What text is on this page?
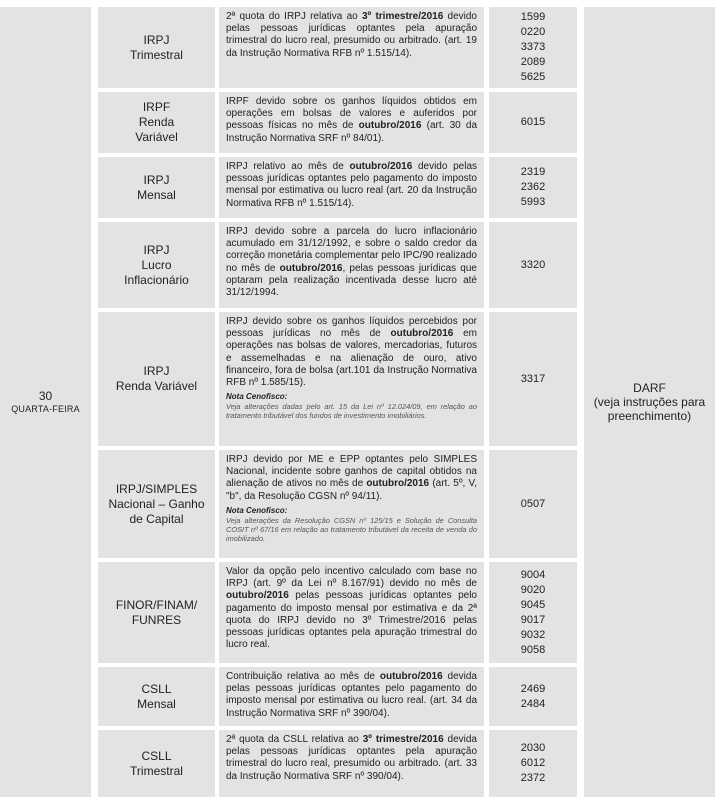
30
QUARTA-FEIRA
DARF
(veja instruções para preenchimento)
IRPJ
Trimestral
2ª quota do IRPJ relativa ao 3º trimestre/2016 devido pelas pessoas jurídicas optantes pela apuração trimestral do lucro real, presumido ou arbitrado. (art. 19 da Instrução Normativa RFB nº 1.515/14).
1599
0220
3373
2089
5625
IRPF
Renda
Variável
IRPF devido sobre os ganhos líquidos obtidos em operações em bolsas de valores e auferidos por pessoas físicas no mês de outubro/2016 (art. 30 da Instrução Normativa SRF nº 84/01).
6015
IRPJ
Mensal
IRPJ relativo ao mês de outubro/2016 devido pelas pessoas jurídicas optantes pelo pagamento do imposto mensal por estimativa ou lucro real (art. 20 da Instrução Normativa RFB nº 1.515/14).
2319
2362
5993
IRPJ
Lucro
Inflacionário
IRPJ devido sobre a parcela do lucro inflacionário acumulado em 31/12/1992, e sobre o saldo credor da correção monetária complementar pelo IPC/90 realizado no mês de outubro/2016, pelas pessoas jurídicas que optaram pela realização incentivada desse lucro até 31/12/1994.
3320
IRPJ
Renda Variável
IRPJ devido sobre os ganhos líquidos percebidos por pessoas jurídicas no mês de outubro/2016 em operações nas bolsas de valores, mercadorias, futuros e assemelhadas e na alienação de ouro, ativo financeiro, fora de bolsa (art.101 da Instrução Normativa RFB nº 1.585/15).
Nota Cenofisco:
Veja alterações dadas pelo art. 15 da Lei nº 12.024/09, em relação ao tratamento tributável dos fundos de investimento imobiliários.
3317
IRPJ/SIMPLES
Nacional – Ganho
de Capital
IRPJ devido por ME e EPP optantes pelo SIMPLES Nacional, incidente sobre ganhos de capital obtidos na alienação de ativos no mês de outubro/2016 (art. 5º, V, "b", da Resolução CGSN nº 94/11).
Nota Cenofisco:
Veja alterações da Resolução CGSN nº 125/15 e Solução de Consulta COSIT nº 67/16 em relação ao tratamento tributável da receita de venda do imobilizado.
0507
FINOR/FINAM/
FUNRES
Valor da opção pelo incentivo calculado com base no IRPJ (art. 9º da Lei nº 8.167/91) devido no mês de outubro/2016 pelas pessoas jurídicas optantes pelo pagamento do imposto mensal por estimativa e da 2ª quota do IRPJ devido no 3º Trimestre/2016 pelas pessoas jurídicas optantes pela apuração trimestral do lucro real.
9004
9020
9045
9017
9032
9058
CSLL
Mensal
Contribuição relativa ao mês de outubro/2016 devida pelas pessoas jurídicas optantes pelo pagamento do imposto mensal por estimativa ou lucro real. (art. 34 da Instrução Normativa SRF nº 390/04).
2469
2484
CSLL
Trimestral
2ª quota da CSLL relativa ao 3º trimestre/2016 devida pelas pessoas jurídicas optantes pela apuração trimestral do lucro real, presumido ou arbitrado. (art. 33 da Instrução Normativa SRF nº 390/04).
2030
6012
2372
